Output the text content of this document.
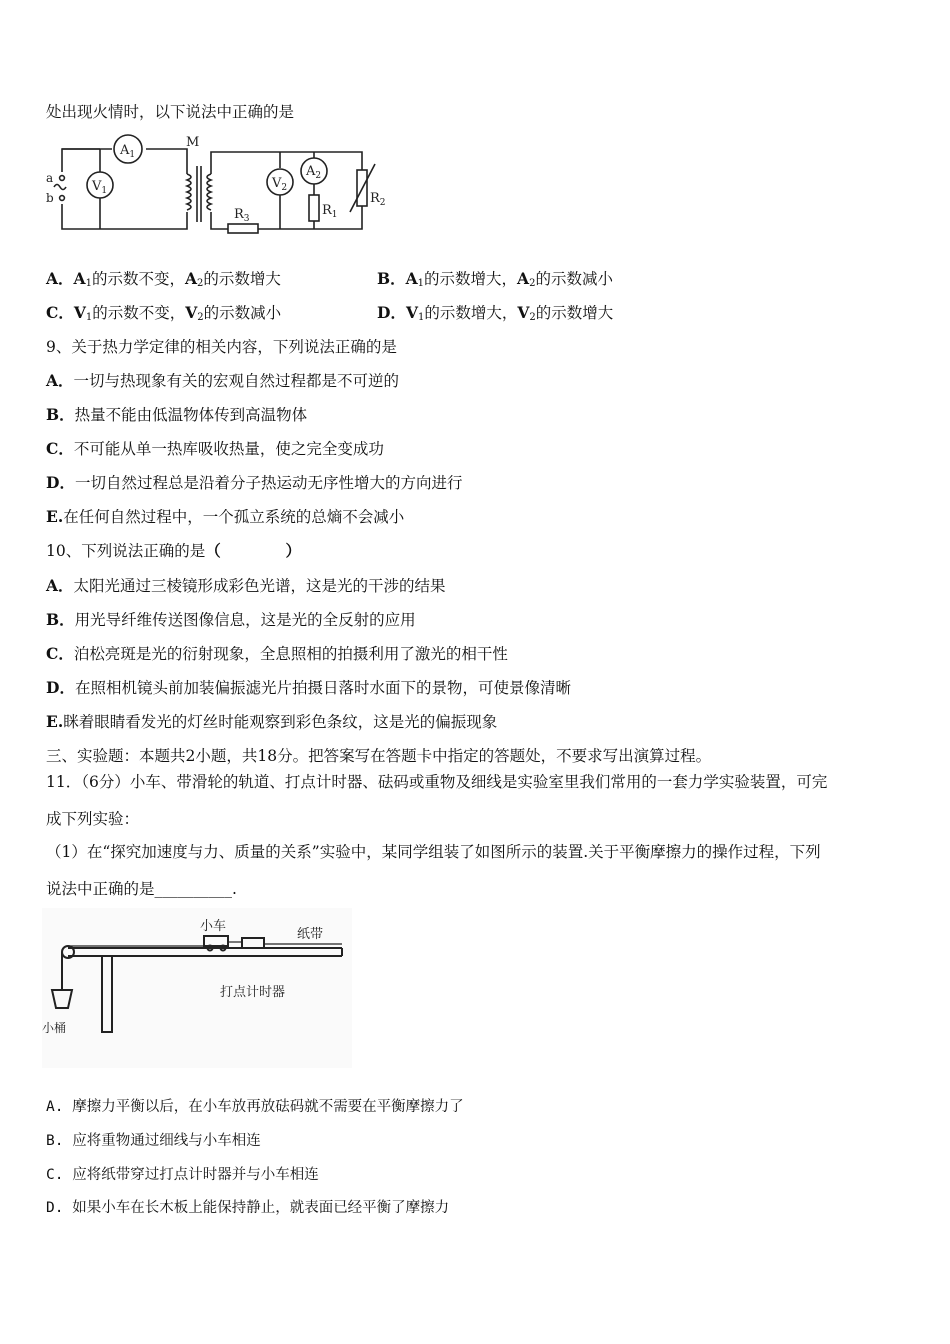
处出现火情时，以下说法中正确的是
$A_1$
$V_1$
a
b
M
$V_2$
$A_2$
$R_1$
$R_2$
$R_3$
A．$A_1$的示数不变，$A_2$的示数增大	B．$A_1$的示数增大，$A_2$的示数减小
C．$V_1$的示数不变，$V_2$的示数减小	D．$V_1$的示数增大，$V_2$的示数增大
9、关于热力学定律的相关内容，下列说法正确的是
A．一切与热现象有关的宏观自然过程都是不可逆的
B．热量不能由低温物体传到高温物体
C．不可能从单一热库吸收热量，使之完全变成功
D．一切自然过程总是沿着分子热运动无序性增大的方向进行
E.在任何自然过程中，一个孤立系统的总熵不会减小
10、下列说法正确的是（            ）
A．太阳光通过三棱镜形成彩色光谱，这是光的干涉的结果
B．用光导纤维传送图像信息，这是光的全反射的应用
C．泊松亮斑是光的衍射现象，全息照相的拍摄利用了激光的相干性
D．在照相机镜头前加装偏振滤光片拍摄日落时水面下的景物，可使景像清晰
E.眯着眼睛看发光的灯丝时能观察到彩色条纹，这是光的偏振现象
三、实验题：本题共2小题，共18分。把答案写在答题卡中指定的答题处，不要求写出演算过程。
11．（6分）小车、带滑轮的轨道、打点计时器、砝码或重物及细线是实验室里我们常用的一套力学实验装置，可完
成下列实验：
（1）在“探究加速度与力、质量的关系”实验中，某同学组装了如图所示的装置.关于平衡摩擦力的操作过程，下列
说法中正确的是__________.
小车
纸带
打点计时器
小桶
A. 摩擦力平衡以后，在小车放再放砝码就不需要在平衡摩擦力了
B. 应将重物通过细线与小车相连
C. 应将纸带穿过打点计时器并与小车相连
D. 如果小车在长木板上能保持静止，就表面已经平衡了摩擦力
